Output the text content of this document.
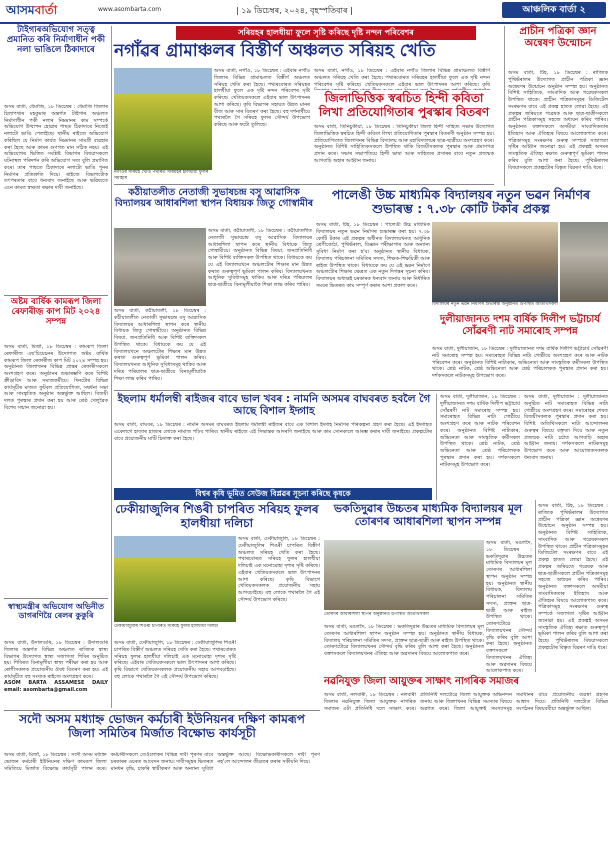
আসমবাৰ্তা	www.asombarta.com	| ১৯ ডিচেম্বৰ, ২০২৪, বৃহস্পতিবাৰ |	আঞ্চলিক বাৰ্তা ২
টাইগাৰঅভিযোগ সত্ত্ব প্ৰমানিত কৰি নিৰ্মাণাধীন পকী নলা ভাঙিলে ঠিকাদাৰে
অসম বাৰ্তা, ধেমাজি, ১৮ ডিচেম্বৰ : ধেমাজি জিলাৰ চিলাপথাৰ মহকুমাৰ অন্তৰ্গত টাইগাৰ অঞ্চলত নিৰ্মাণাধীন পকী নলাৰ নিম্নমানৰ কাম সম্পৰ্কে অভিযোগ উত্থাপন হোৱাৰ পাছত ঠিকাদাৰে নিজেই নলাটো ভাঙি পেলাইছে। স্থানীয় ৰাইজে অভিযোগ কৰিছিল যে নিৰ্মাণ কাৰ্যত নিম্নমানৰ সামগ্ৰী ব্যৱহাৰ কৰা হৈছে আৰু কামৰ গুণগত মান সঠিক নহয়। এই অভিযোগৰ ভিত্তিত সংশ্লিষ্ট বিভাগৰ বিষয়াসকলে ঘটনাস্থল পৰিদৰ্শন কৰি অভিযোগ সত্য বুলি প্ৰমাণিত কৰে। তাৰ পাছতে ঠিকাদাৰে নলাটো ভাঙি পুনৰ নিৰ্মাণৰ প্ৰতিশ্ৰুতি দিয়ে। ৰাইজে বিভাগটোক তৎপৰতাৰ বাবে ধন্যবাদ জনাইছে আৰু ভৱিষ্যতে এনে কামত স্বচ্ছতা ৰক্ষাৰ দাবী জনাইছে।
অষ্টম বাৰ্ষিক কামৰূপ জিলা ৰেফাৰীজ় কাপ মিট ২০২৪ সম্পন্ন
অসম বাৰ্তা, মিৰ্জা, ১৮ ডিচেম্বৰ : কামৰূপ জিলা ৰেফাৰীজ এছ'চিয়েচনৰ উদ্যোগত অষ্টম বাৰ্ষিক কামৰূপ জিলা ৰেফাৰীজ কাপ মিট ২০২৪ সম্পন্ন হয়। অনুষ্ঠানত জিলাখনৰ বিভিন্ন প্ৰান্তৰ ৰেফাৰীসকলে অংশগ্ৰহণ কৰে। অনুষ্ঠানৰ শুভাৰম্ভণি কৰে বিশিষ্ট ক্ৰীড়াবিদ আৰু সমাজকৰ্মীয়ে। দিনটোৰ বিভিন্ন কাৰ্যসূচীৰ মাজত ফুটবল প্ৰতিযোগিতা, সম্বৰ্ধনা সভা আৰু সাংস্কৃতিক অনুষ্ঠান অন্তৰ্ভুক্ত আছিল। বিজয়ী দলক পুৰস্কাৰ প্ৰদান কৰা হয় আৰু শ্ৰেষ্ঠ খেলুৱৈক বিশেষ সন্মান জনোৱা হয়।
স্বাস্থ্যমন্ত্ৰীৰ অভিযোগ অভিনীত ডাগৰণিয়ৈ ৰেলৰ কুকুৰি
অসম বাৰ্তা, উদালগুৰি, ১৮ ডিচেম্বৰ : উদালগুৰি জিলাৰ অন্তৰ্গত বিভিন্ন অঞ্চলত ৰাজ্যিক স্বাস্থ্য বিভাগৰ উদ্যোগত স্বাস্থ্য সজাগতা শিবিৰ অনুষ্ঠিত হয়। শিবিৰত বিনামূলীয়া স্বাস্থ্য পৰীক্ষা কৰা হয় আৰু ৰোগীসকলক প্ৰয়োজনীয় ঔষধ বিতৰণ কৰা হয়। এই কাৰ্যসূচীত বহু সংখ্যক ৰাইজে অংশগ্ৰহণ কৰে।
ASOM BARTA ASSAMESE DAILY email: asombarta@gmail.com
সৰিয়হৰ হালধীয়া ফুলে সৃষ্টি কৰিছে দৃষ্টি নন্দন পৰিবেশৰ
নগাঁৱৰ গ্ৰামাঞ্চলৰ বিস্তীৰ্ণ অঞ্চলত সৰিয়হ খেতি
নগাঁওৰ সৰিয়হ খেতি পথাৰত সৰিয়হৰ হালধীয়া ফুলৰ সমাহাৰ
অসম বাৰ্তা, নগাঁও, ১৮ ডিচেম্বৰ : এইবাৰ নগাঁও জিলাৰ বিভিন্ন গ্ৰামাঞ্চলত বিস্তীৰ্ণ অঞ্চলত সৰিয়হ খেতি কৰা হৈছে। পথাৰবোৰত সৰিয়হৰ হালধীয়া ফুলে এক দৃষ্টি নন্দন পৰিবেশৰ সৃষ্টি কৰিছে। খেতিয়কসকলে এইবাৰ ভাল উৎপাদনৰ আশা কৰিছে। কৃষি বিভাগৰ সহায়ত উন্নত মানৰ বীজ আৰু সাৰ বিতৰণ কৰা হৈছে। বহু দৰ্শনাৰ্থীয়ে পথাৰলৈ গৈ সৰিয়হ ফুলৰ সৌন্দৰ্য উপভোগ কৰিছে আৰু ফটো তুলিছে।
অসম বাৰ্তা, নগাঁও, ১৮ ডিচেম্বৰ : এইবাৰ নগাঁও জিলাৰ বিভিন্ন গ্ৰামাঞ্চলত বিস্তীৰ্ণ অঞ্চলত সৰিয়হ খেতি কৰা হৈছে। পথাৰবোৰত সৰিয়হৰ হালধীয়া ফুলে এক দৃষ্টি নন্দন পৰিবেশৰ সৃষ্টি কৰিছে। খেতিয়কসকলে এইবাৰ ভাল উৎপাদনৰ আশা কৰিছে। কৃষি
জিলাভিত্তিক স্বৰচিত হিন্দী কবিতা লিখা প্ৰতিযোগিতাৰ পুৰস্কাৰ বিতৰণ
অসম বাৰ্তা, তিনিচুকীয়া, ১৮ ডিচেম্বৰ : তিনিচুকীয়া জিলা হিন্দী সাহিত্য সভাৰ উদ্যোগত জিলাভিত্তিক স্বৰচিত হিন্দী কবিতা লিখা প্ৰতিযোগিতাৰ পুৰস্কাৰ বিতৰণী অনুষ্ঠান সম্পন্ন হয়। প্ৰতিযোগিতাত জিলাখনৰ বিভিন্ন বিদ্যালয় আৰু মহাবিদ্যালয়ৰ ছাত্ৰ-ছাত্ৰীয়ে অংশগ্ৰহণ কৰে। অনুষ্ঠানত বিশিষ্ট সাহিত্যিকসকলে উপস্থিত থাকি বিজয়ীসকলক পুৰস্কাৰ আৰু প্ৰমাণপত্ৰ প্ৰদান কৰে। সভাৰ সভাপতিয়ে হিন্দী ভাষা আৰু সাহিত্যৰ প্ৰসাৰৰ বাবে নতুন প্ৰজন্মক আগবাঢ়ি অহাৰ আহ্বান জনায়।
কঠীয়াতলীত নেতাজী সুভাষচন্দ্ৰ বসু আৱাসিক বিদ্যালয়ৰ আধাৰশিলা স্থাপন বিধায়ক জিতু গোস্বামীৰ
অসম বাৰ্তা, কঠীয়াতলী, ১৮ ডিচেম্বৰ : কঠীয়াতলীত নেতাজী সুভাষচন্দ্ৰ বসু আৱাসিক বিদ্যালয়ৰ আধাৰশিলা স্থাপন কৰে স্থানীয় বিধায়ক জিতু গোস্বামীয়ে। অনুষ্ঠানত বিভিন্ন বিষয়া, জনপ্ৰতিনিধি আৰু বিশিষ্ট ব্যক্তিসকল উপস্থিত থাকে। বিধায়কে কয় যে এই বিদ্যালয়খনে অঞ্চলটোৰ শিক্ষাৰ মান উন্নত কৰাত গুৰুত্বপূৰ্ণ ভূমিকা পালন কৰিব। বিদ্যালয়খনত আধুনিক সুবিধাসমূহ থাকিব আৰু দৰিদ্ৰ পৰিয়ালৰ ছাত্ৰ-ছাত্ৰীয়ে বিনামূলীয়াকৈ শিক্ষা লাভ কৰিব পাৰিব।
অসম বাৰ্তা, কঠীয়াতলী, ১৮ ডিচেম্বৰ : কঠীয়াতলীত নেতাজী সুভাষচন্দ্ৰ বসু আৱাসিক বিদ্যালয়ৰ আধাৰশিলা স্থাপন কৰে স্থানীয় বিধায়ক জিতু গোস্বামীয়ে। অনুষ্ঠানত বিভিন্ন বিষয়া, জনপ্ৰতিনিধি আৰু বিশিষ্ট ব্যক্তিসকল উপস্থিত থাকে। বিধায়কে কয় যে এই বিদ্যালয়খনে অঞ্চলটোৰ শিক্ষাৰ মান উন্নত কৰাত গুৰুত্বপূৰ্ণ ভূমিকা পালন কৰিব। বিদ্যালয়খনত আধুনিক সুবিধাসমূহ থাকিব আৰু দৰিদ্ৰ পৰিয়ালৰ ছাত্ৰ-ছাত্ৰীয়ে বিনামূলীয়াকৈ শিক্ষা লাভ কৰিব পাৰিব।
পালেঙী উচ্চ মাধ্যমিক বিদ্যালয়ৰ নতুন ভৱন নিৰ্মাণৰ শুভাৰম্ভ : ৭.৩৮ কোটি টকাৰ প্ৰকল্প
অসম বাৰ্তা, টিহ, ১৮ ডিচেম্বৰ : পালেঙী উচ্চ মাধ্যমিক বিদ্যালয়ৰ নতুন ভৱন নিৰ্মাণৰ শুভাৰম্ভ কৰা হয়। ৭.৩৮ কোটি টকাৰ এই প্ৰকল্পৰ অধীনত বিদ্যালয়খনত আধুনিক শ্ৰেণীকোঠা, পুথিভঁৰাল, বিজ্ঞান পৰীক্ষাগাৰ আৰু অন্যান্য সুবিধা নিৰ্মাণ কৰা হ'ব। অনুষ্ঠানত স্থানীয় বিধায়ক, বিদ্যালয় পৰিচালনা সমিতিৰ সদস্য, শিক্ষক-শিক্ষয়িত্ৰী আৰু ৰাইজ উপস্থিত থাকে। বিধায়কে কয় যে এই ভৱন নিৰ্মাণে অঞ্চলটোৰ শিক্ষাৰ ক্ষেত্ৰত এক নতুন দিগন্তৰ সূচনা কৰিব। বিদ্যালয়ৰ অধ্যক্ষই চৰকাৰক ধন্যবাদ জনায় আৰু নিৰ্ধাৰিত সময়ৰ ভিতৰত কাম সম্পূৰ্ণ কৰাৰ আশা প্ৰকাশ কৰে।
বিদ্যালয়ৰ নতুন ভৱন নিৰ্মাণৰ শুভাৰম্ভ অনুষ্ঠানত উপস্থিত অতিথিসকল
দুলীয়াজানত দশম বাৰ্ষিক দিলীপ ভট্টাচাৰ্য সোঁৱৰণী নাট সমাৰোহ সম্পন্ন
অসম বাৰ্তা, দুলীয়াজান, ১৮ ডিচেম্বৰ : দুলীয়াজানত দশম বাৰ্ষিক দিলীপ ভট্টাচাৰ্য সোঁৱৰণী নাট সমাৰোহ সম্পন্ন হয়। সমাৰোহত বিভিন্ন নাট্য গোষ্ঠীয়ে অংশগ্ৰহণ কৰে আৰু নাটক পৰিবেশন কৰে। অনুষ্ঠানত বিশিষ্ট নাট্যকাৰ, অভিনেতা আৰু সাংস্কৃতিক কৰ্মীসকল উপস্থিত থাকে। শ্ৰেষ্ঠ নাটক, শ্ৰেষ্ঠ অভিনেতা আৰু শ্ৰেষ্ঠ পৰিচালকক পুৰস্কাৰ প্ৰদান কৰা হয়। দৰ্শকসকলে নাটকসমূহ উপভোগ কৰে।
ইছলাম ধৰ্মালম্বী ৰাইজৰ বাবে ভাল খবৰ : নামনি অসমৰ বাঘবৰত হবলৈ গৈ আছে বিশাল ইদ্গাহ
অসম বাৰ্তা, বাঘবৰ, ১৮ ডিচেম্বৰ : নামনি অসমৰ বাঘবৰত ইছলাম ধৰ্মালম্বী ৰাইজৰ বাবে এক বিশাল ইদ্গাহ নিৰ্মাণৰ পৰিকল্পনা গ্ৰহণ কৰা হৈছে। এই ইদ্গাহত একেলগে হাজাৰ হাজাৰ লোকে নামাজ পঢ়িব পাৰিব। স্থানীয় ৰাইজে এই সিদ্ধান্তক আদৰণি জনাইছে আৰু কাম সোনকালে আৰম্ভ কৰাৰ দাবী জনাইছে। প্ৰকল্পটোৰ বাবে প্ৰয়োজনীয় মাটি চিনাক্ত কৰা হৈছে।
অসম বাৰ্তা, দুলীয়াজান, ১৮ ডিচেম্বৰ : দুলীয়াজানত দশম বাৰ্ষিক দিলীপ ভট্টাচাৰ্য সোঁৱৰণী নাট সমাৰোহ সম্পন্ন হয়। সমাৰোহত বিভিন্ন নাট্য গোষ্ঠীয়ে অংশগ্ৰহণ কৰে আৰু নাটক পৰিবেশন কৰে। অনুষ্ঠানত বিশিষ্ট নাট্যকাৰ, অভিনেতা আৰু সাংস্কৃতিক কৰ্মীসকল উপস্থিত থাকে। শ্ৰেষ্ঠ নাটক, শ্ৰেষ্ঠ অভিনেতা আৰু শ্ৰেষ্ঠ পৰিচালকক পুৰস্কাৰ প্ৰদান কৰা হয়। দৰ্শকসকলে নাটকসমূহ উপভোগ কৰে।
অসম বাৰ্তা, দুলীয়াজান : দুলীয়াজানত অনুষ্ঠিত নাট সমাৰোহত বিভিন্ন নাট্য গোষ্ঠীয়ে অংশগ্ৰহণ কৰে। সমাৰোহৰ শেষত বিজয়ীসকলক পুৰস্কাৰ প্ৰদান কৰা হয়। বিশিষ্ট অতিথিসকলে নাট্য আন্দোলনৰ গুৰুত্বৰ বিষয়ে বক্তৃতা দিয়ে আৰু নতুন প্ৰজন্মক নাট্য চৰ্চাত আগবাঢ়ি অহাৰ আহ্বান জনায়। দৰ্শকসকলে নাটকসমূহ উপভোগ কৰে আৰু আয়োজকসকলক ধন্যবাদ জনায়।
বিশ্বৰ কৃষি ভূমিত সেউজ বিপ্লৱৰ সূচনা কৰিছে কৃষকে
ঢেকীয়াজুলিৰ শিঙৰী চাপৰিত সৰিয়হ ফুলৰ হালধীয়া দলিচা
ঢেকীয়াজুলিৰ শিঙৰী চাপৰিত সৰিয়হ ফুলৰ হালধীয়া দলিচা
অসম বাৰ্তা, ঢেকীয়াজুলি, ১৮ ডিচেম্বৰ : ঢেকীয়াজুলিৰ শিঙৰী চাপৰিত বিস্তীৰ্ণ অঞ্চলত সৰিয়হ খেতি কৰা হৈছে। পথাৰবোৰত সৰিয়হ ফুলৰ হালধীয়া দলিচাই এক মনোমোহা দৃশ্যৰ সৃষ্টি কৰিছে। এইবাৰ খেতিয়কসকলে ভাল উৎপাদনৰ আশা কৰিছে। কৃষি বিভাগে খেতিয়কসকলক প্ৰয়োজনীয় সহায় আগবঢ়াইছে। বহু লোকে পথাৰলৈ গৈ এই সৌন্দৰ্য উপভোগ কৰিছে।
অসম বাৰ্তা, ঢেকীয়াজুলি, ১৮ ডিচেম্বৰ : ঢেকীয়াজুলিৰ শিঙৰী চাপৰিত বিস্তীৰ্ণ অঞ্চলত সৰিয়হ খেতি কৰা হৈছে। পথাৰবোৰত সৰিয়হ ফুলৰ হালধীয়া দলিচাই এক মনোমোহা দৃশ্যৰ সৃষ্টি কৰিছে। এইবাৰ খেতিয়কসকলে ভাল উৎপাদনৰ আশা কৰিছে। কৃষি বিভাগে খেতিয়কসকলক প্ৰয়োজনীয় সহায় আগবঢ়াইছে। বহু লোকে পথাৰলৈ গৈ এই সৌন্দৰ্য উপভোগ কৰিছে।
ভকতিদুৱাৰ উচ্চতৰ মাধ্যমিক বিদ্যালয়ৰ মূল তোৰণৰ আধাৰশিলা স্থাপন সম্পন্ন
তোৰণৰ আধাৰশিলা স্থাপন অনুষ্ঠানত উপস্থিত অতিথিসকল
অসম বাৰ্তা, মঙলদৈ, ১৮ ডিচেম্বৰ : ভকতিদুৱাৰ উচ্চতৰ মাধ্যমিক বিদ্যালয়ৰ মূল তোৰণৰ আধাৰশিলা স্থাপন অনুষ্ঠান সম্পন্ন হয়। অনুষ্ঠানত স্থানীয় বিধায়ক, বিদ্যালয় পৰিচালনা সমিতিৰ সদস্য, প্ৰাক্তন ছাত্ৰ-ছাত্ৰী আৰু ৰাইজ উপস্থিত থাকে। তোৰণটোৱে বিদ্যালয়খনৰ সৌন্দৰ্য বৃদ্ধি কৰিব বুলি আশা কৰা হৈছে। অনুষ্ঠানত বক্তাসকলে বিদ্যালয়খনৰ ঐতিহ্য আৰু অৱদানৰ বিষয়ে আলোকপাত কৰে।
অসম বাৰ্তা, মঙলদৈ, ১৮ ডিচেম্বৰ : ভকতিদুৱাৰ উচ্চতৰ মাধ্যমিক বিদ্যালয়ৰ মূল তোৰণৰ আধাৰশিলা স্থাপন অনুষ্ঠান সম্পন্ন হয়। অনুষ্ঠানত স্থানীয় বিধায়ক, বিদ্যালয় পৰিচালনা সমিতিৰ সদস্য, প্ৰাক্তন ছাত্ৰ-ছাত্ৰী আৰু ৰাইজ উপস্থিত থাকে। তোৰণটোৱে বিদ্যালয়খনৰ সৌন্দৰ্য বৃদ্ধি কৰিব বুলি আশা কৰা হৈছে। অনুষ্ঠানত বক্তাসকলে বিদ্যালয়খনৰ ঐতিহ্য আৰু অৱদানৰ বিষয়ে আলোকপাত কৰে।
নৱনিযুক্ত জিলা আয়ুক্তৰ সাক্ষাৎ নাগৰিক সমাজৰ
অসম বাৰ্তা, নলবাৰী, ১৮ ডিচেম্বৰ : নলবাৰী জিলাৰ নৱনিযুক্ত জিলা আয়ুক্তক নাগৰিক সমাজৰ এটা প্ৰতিনিধি দলে সাক্ষাৎ কৰে। প্ৰতিনিধি দলটোৱে জিলা আয়ুক্তক অভিনন্দন জনায় আৰু জিলাখনৰ বিভিন্ন সমস্যাৰ বিষয়ে অৱগত কৰে। জিলা আয়ুক্তই সমস্যাসমূহ সমাধানৰ বাবে প্ৰয়োজনীয় ব্যৱস্থা গ্ৰহণৰ আশ্বাস দিয়ে। প্ৰতিনিধি দলটোত বিভিন্ন সংগঠনৰ বিষয়ববীয়া অন্তৰ্ভুক্ত আছিল।
প্ৰাচীন পত্ৰিকা জ্ঞান অন্বেষণ উন্মোচন
অসম বাৰ্তা, টিহ, ১৮ ডিচেম্বৰ : ৰাজ্যিক পুথিভঁৰালৰ উদ্যোগত প্ৰাচীন পত্ৰিকা জ্ঞান অন্বেষণৰ উন্মোচন অনুষ্ঠান সম্পন্ন হয়। অনুষ্ঠানত বিশিষ্ট সাহিত্যিক, সাংবাদিক আৰু গৱেষকসকল উপস্থিত থাকে। প্ৰাচীন পত্ৰিকাসমূহৰ ডিজিটেল সংৰক্ষণৰ বাবে এই প্ৰকল্প হাতত লোৱা হৈছে। এই প্ৰকল্পৰ জৰিয়তে গৱেষক আৰু ছাত্ৰ-ছাত্ৰীসকলে প্ৰাচীন পত্ৰিকাসমূহ সহজে অধ্যয়ন কৰিব পাৰিব। অনুষ্ঠানত বক্তাসকলে অসমীয়া সাংবাদিকতাৰ ইতিহাস আৰু ঐতিহ্যৰ বিষয়ে আলোকপাত কৰে। পত্ৰিকাসমূহ সংৰক্ষণৰ গুৰুত্ব সম্পৰ্কে সজাগতা সৃষ্টিৰ আহ্বান জনোৱা হয়। এই প্ৰকল্পই অসমৰ সাংস্কৃতিক ঐতিহ্য ৰক্ষাত গুৰুত্বপূৰ্ণ ভূমিকা পালন কৰিব বুলি আশা কৰা হৈছে। পুথিভঁৰালৰ বিষয়াসকলে প্ৰকল্পটোৰ বিস্তৃত বিৱৰণ দাঙি ধৰে।
অসম বাৰ্তা, টিহ, ১৮ ডিচেম্বৰ : ৰাজ্যিক পুথিভঁৰালৰ উদ্যোগত প্ৰাচীন পত্ৰিকা জ্ঞান অন্বেষণৰ উন্মোচন অনুষ্ঠান সম্পন্ন হয়। অনুষ্ঠানত বিশিষ্ট সাহিত্যিক, সাংবাদিক আৰু গৱেষকসকল উপস্থিত থাকে। প্ৰাচীন পত্ৰিকাসমূহৰ ডিজিটেল সংৰক্ষণৰ বাবে এই প্ৰকল্প হাতত লোৱা হৈছে। এই প্ৰকল্পৰ জৰিয়তে গৱেষক আৰু ছাত্ৰ-ছাত্ৰীসকলে প্ৰাচীন পত্ৰিকাসমূহ সহজে অধ্যয়ন কৰিব পাৰিব। অনুষ্ঠানত বক্তাসকলে অসমীয়া সাংবাদিকতাৰ ইতিহাস আৰু ঐতিহ্যৰ বিষয়ে আলোকপাত কৰে। পত্ৰিকাসমূহ সংৰক্ষণৰ গুৰুত্ব সম্পৰ্কে সজাগতা সৃষ্টিৰ আহ্বান জনোৱা হয়। এই প্ৰকল্পই অসমৰ সাংস্কৃতিক ঐতিহ্য ৰক্ষাত গুৰুত্বপূৰ্ণ ভূমিকা পালন কৰিব বুলি আশা কৰা হৈছে। পুথিভঁৰালৰ বিষয়াসকলে প্ৰকল্পটোৰ বিস্তৃত বিৱৰণ দাঙি ধৰে।
সদৌ অসম মধ্যাহ্ন ভোজন কৰ্মচাৰী ইউনিয়নৰ দক্ষিণ কামৰূপ জিলা সমিতিৰ মিৰ্জাত বিক্ষোভ কাৰ্যসূচী
অসম বাৰ্তা, মিৰ্জা, ১৮ ডিচেম্বৰ : সদৌ অসম মধ্যাহ্ন ভোজন কৰ্মচাৰী ইউনিয়নৰ দক্ষিণ কামৰূপ জিলা সমিতিয়ে মিৰ্জাত বিক্ষোভ কাৰ্যসূচী পালন কৰে। কৰ্মচাৰীসকলে তেওঁলোকৰ বিভিন্ন দাবী পূৰণৰ বাবে চৰকাৰৰ ওচৰত আবেদন জনায়। দাবীসমূহৰ ভিতৰত মানধন বৃদ্ধি, চাকৰি স্থায়ীকৰণ আৰু অন্যান্য সুবিধা অন্তৰ্ভুক্ত আছে। বিক্ষোভকাৰীসকলে দাবী পূৰণ নহ'লে আন্দোলন তীব্ৰতৰ কৰাৰ সকীয়নি দিয়ে।
